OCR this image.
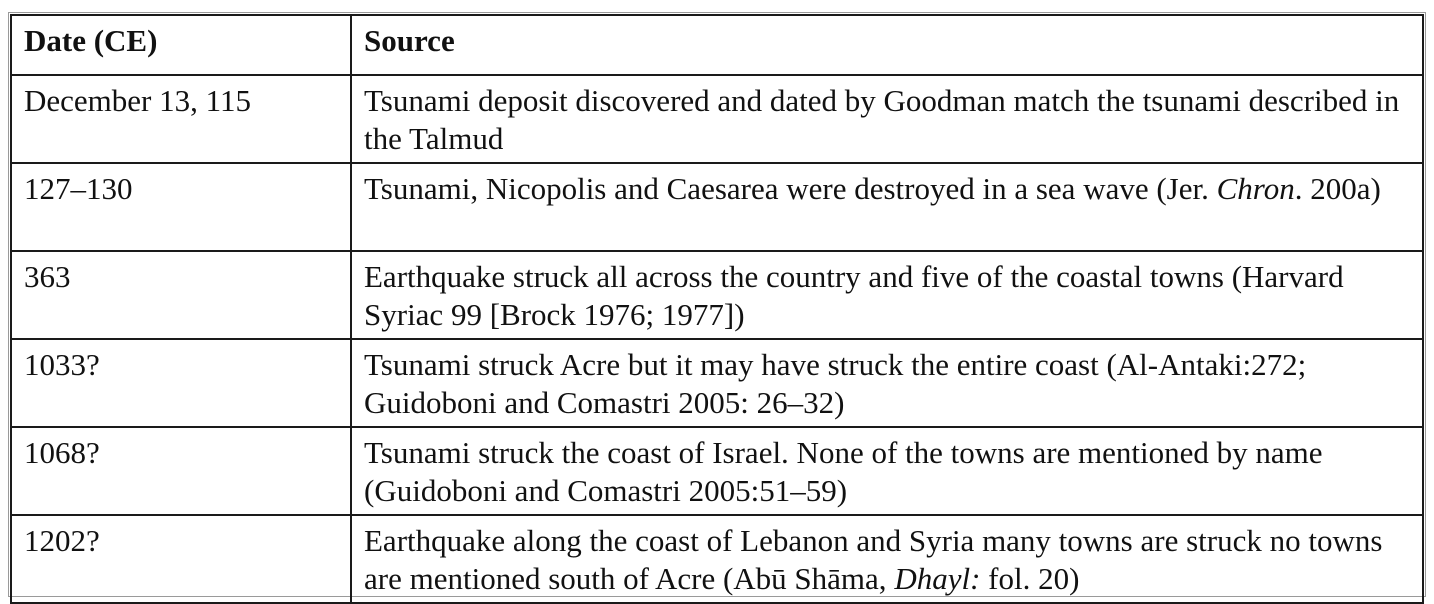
Date (CE)	Source
December 13, 115	Tsunami deposit discovered and dated by Goodman match the tsunami described in the Talmud
127–130	Tsunami, Nicopolis and Caesarea were destroyed in a sea wave (Jer. Chron. 200a)
363	Earthquake struck all across the country and five of the coastal towns (Harvard Syriac 99 [Brock 1976; 1977])
1033?	Tsunami struck Acre but it may have struck the entire coast (Al-Antaki:272; Guidoboni and Comastri 2005: 26–32)
1068?	Tsunami struck the coast of Israel. None of the towns are mentioned by name (Guidoboni and Comastri 2005:51–59)
1202?	Earthquake along the coast of Lebanon and Syria many towns are struck no towns are mentioned south of Acre (Abū Shāma, Dhayl: fol. 20)
